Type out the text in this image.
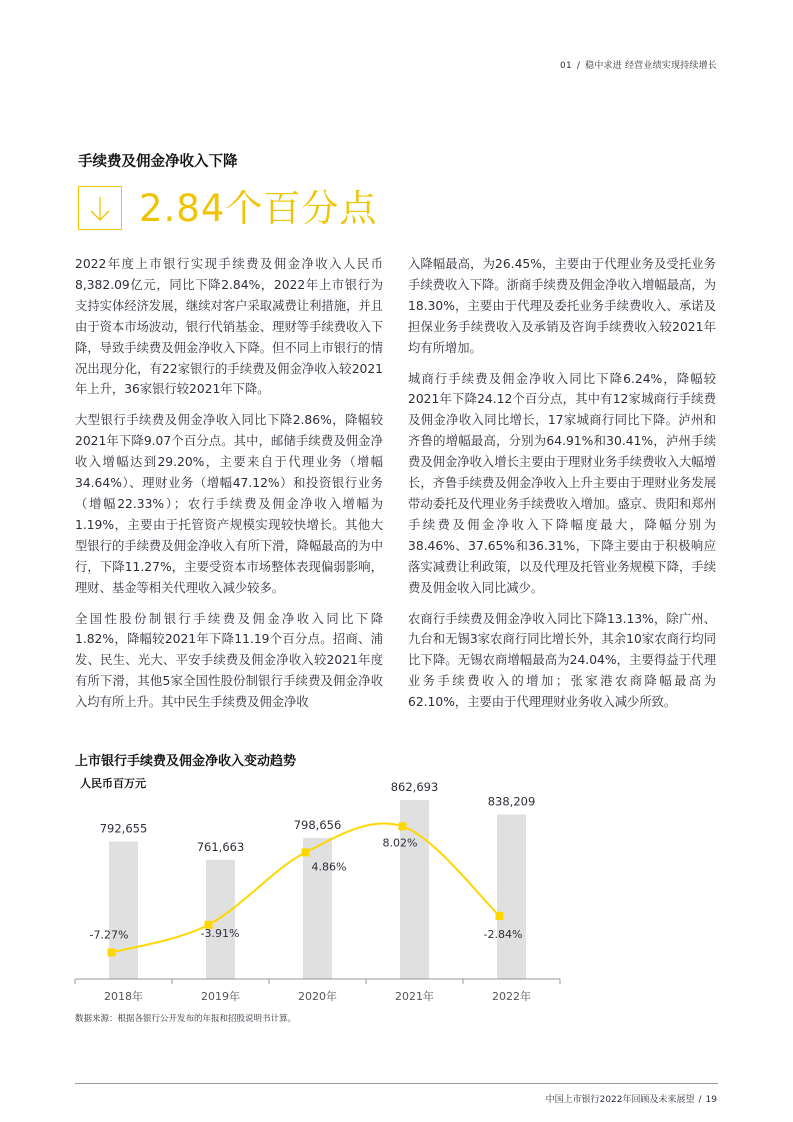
01 / 稳中求进 经营业绩实现持续增长
手续费及佣金净收入下降
2.84个百分点

2022年度上市银行实现手续费及佣金净收入人民币8,382.09亿元，同比下降2.84%，2022年上市银行为支持实体经济发展，继续对客户采取减费让利措施，并且由于资本市场波动，银行代销基金、理财等手续费收入下降，导致手续费及佣金净收入下降。但不同上市银行的情况出现分化，有22家银行的手续费及佣金净收入较2021年上升，36家银行较2021年下降。

大型银行手续费及佣金净收入同比下降2.86%，降幅较2021年下降9.07个百分点。其中，邮储手续费及佣金净收入增幅达到29.20%，主要来自于代理业务（增幅34.64%）、理财业务（增幅47.12%）和投资银行业务（增幅22.33%）；农行手续费及佣金净收入增幅为1.19%，主要由于托管资产规模实现较快增长。其他大型银行的手续费及佣金净收入有所下滑，降幅最高的为中行，下降11.27%，主要受资本市场整体表现偏弱影响，理财、基金等相关代理收入减少较多。

全国性股份制银行手续费及佣金净收入同比下降1.82%，降幅较2021年下降11.19个百分点。招商、浦发、民生、光大、平安手续费及佣金净收入较2021年度有所下滑，其他5家全国性股份制银行手续费及佣金净收入均有所上升。其中民生手续费及佣金净收

入降幅最高，为26.45%，主要由于代理业务及受托业务手续费收入下降。浙商手续费及佣金净收入增幅最高，为18.30%，主要由于代理及委托业务手续费收入、承诺及担保业务手续费收入及承销及咨询手续费收入较2021年均有所增加。

城商行手续费及佣金净收入同比下降6.24%，降幅较2021年下降24.12个百分点，其中有12家城商行手续费及佣金净收入同比增长，17家城商行同比下降。泸州和齐鲁的增幅最高，分别为64.91%和30.41%，泸州手续费及佣金净收入增长主要由于理财业务手续费收入大幅增长，齐鲁手续费及佣金净收入上升主要由于理财业务发展带动委托及代理业务手续费收入增加。盛京、贵阳和郑州手续费及佣金净收入下降幅度最大，降幅分别为38.46%、37.65%和36.31%，下降主要由于积极响应落实减费让利政策，以及代理及托管业务规模下降，手续费及佣金收入同比减少。

农商行手续费及佣金净收入同比下降13.13%，除广州、九台和无锡3家农商行同比增长外，其余10家农商行均同比下降。无锡农商增幅最高为24.04%，主要得益于代理业务手续费收入的增加；张家港农商降幅最高为62.10%，主要由于代理理财业务收入减少所致。

上市银行手续费及佣金净收入变动趋势
人民币百万元
792,655
2018年
761,663
2019年
798,656
2020年
862,693
2021年
838,209
2022年
-7.27%	-3.91%
4.86%
8.02%
-2.84%
数据来源：根据各银行公开发布的年报和招股说明书计算。
中国上市银行2022年回顾及未来展望 / 19
